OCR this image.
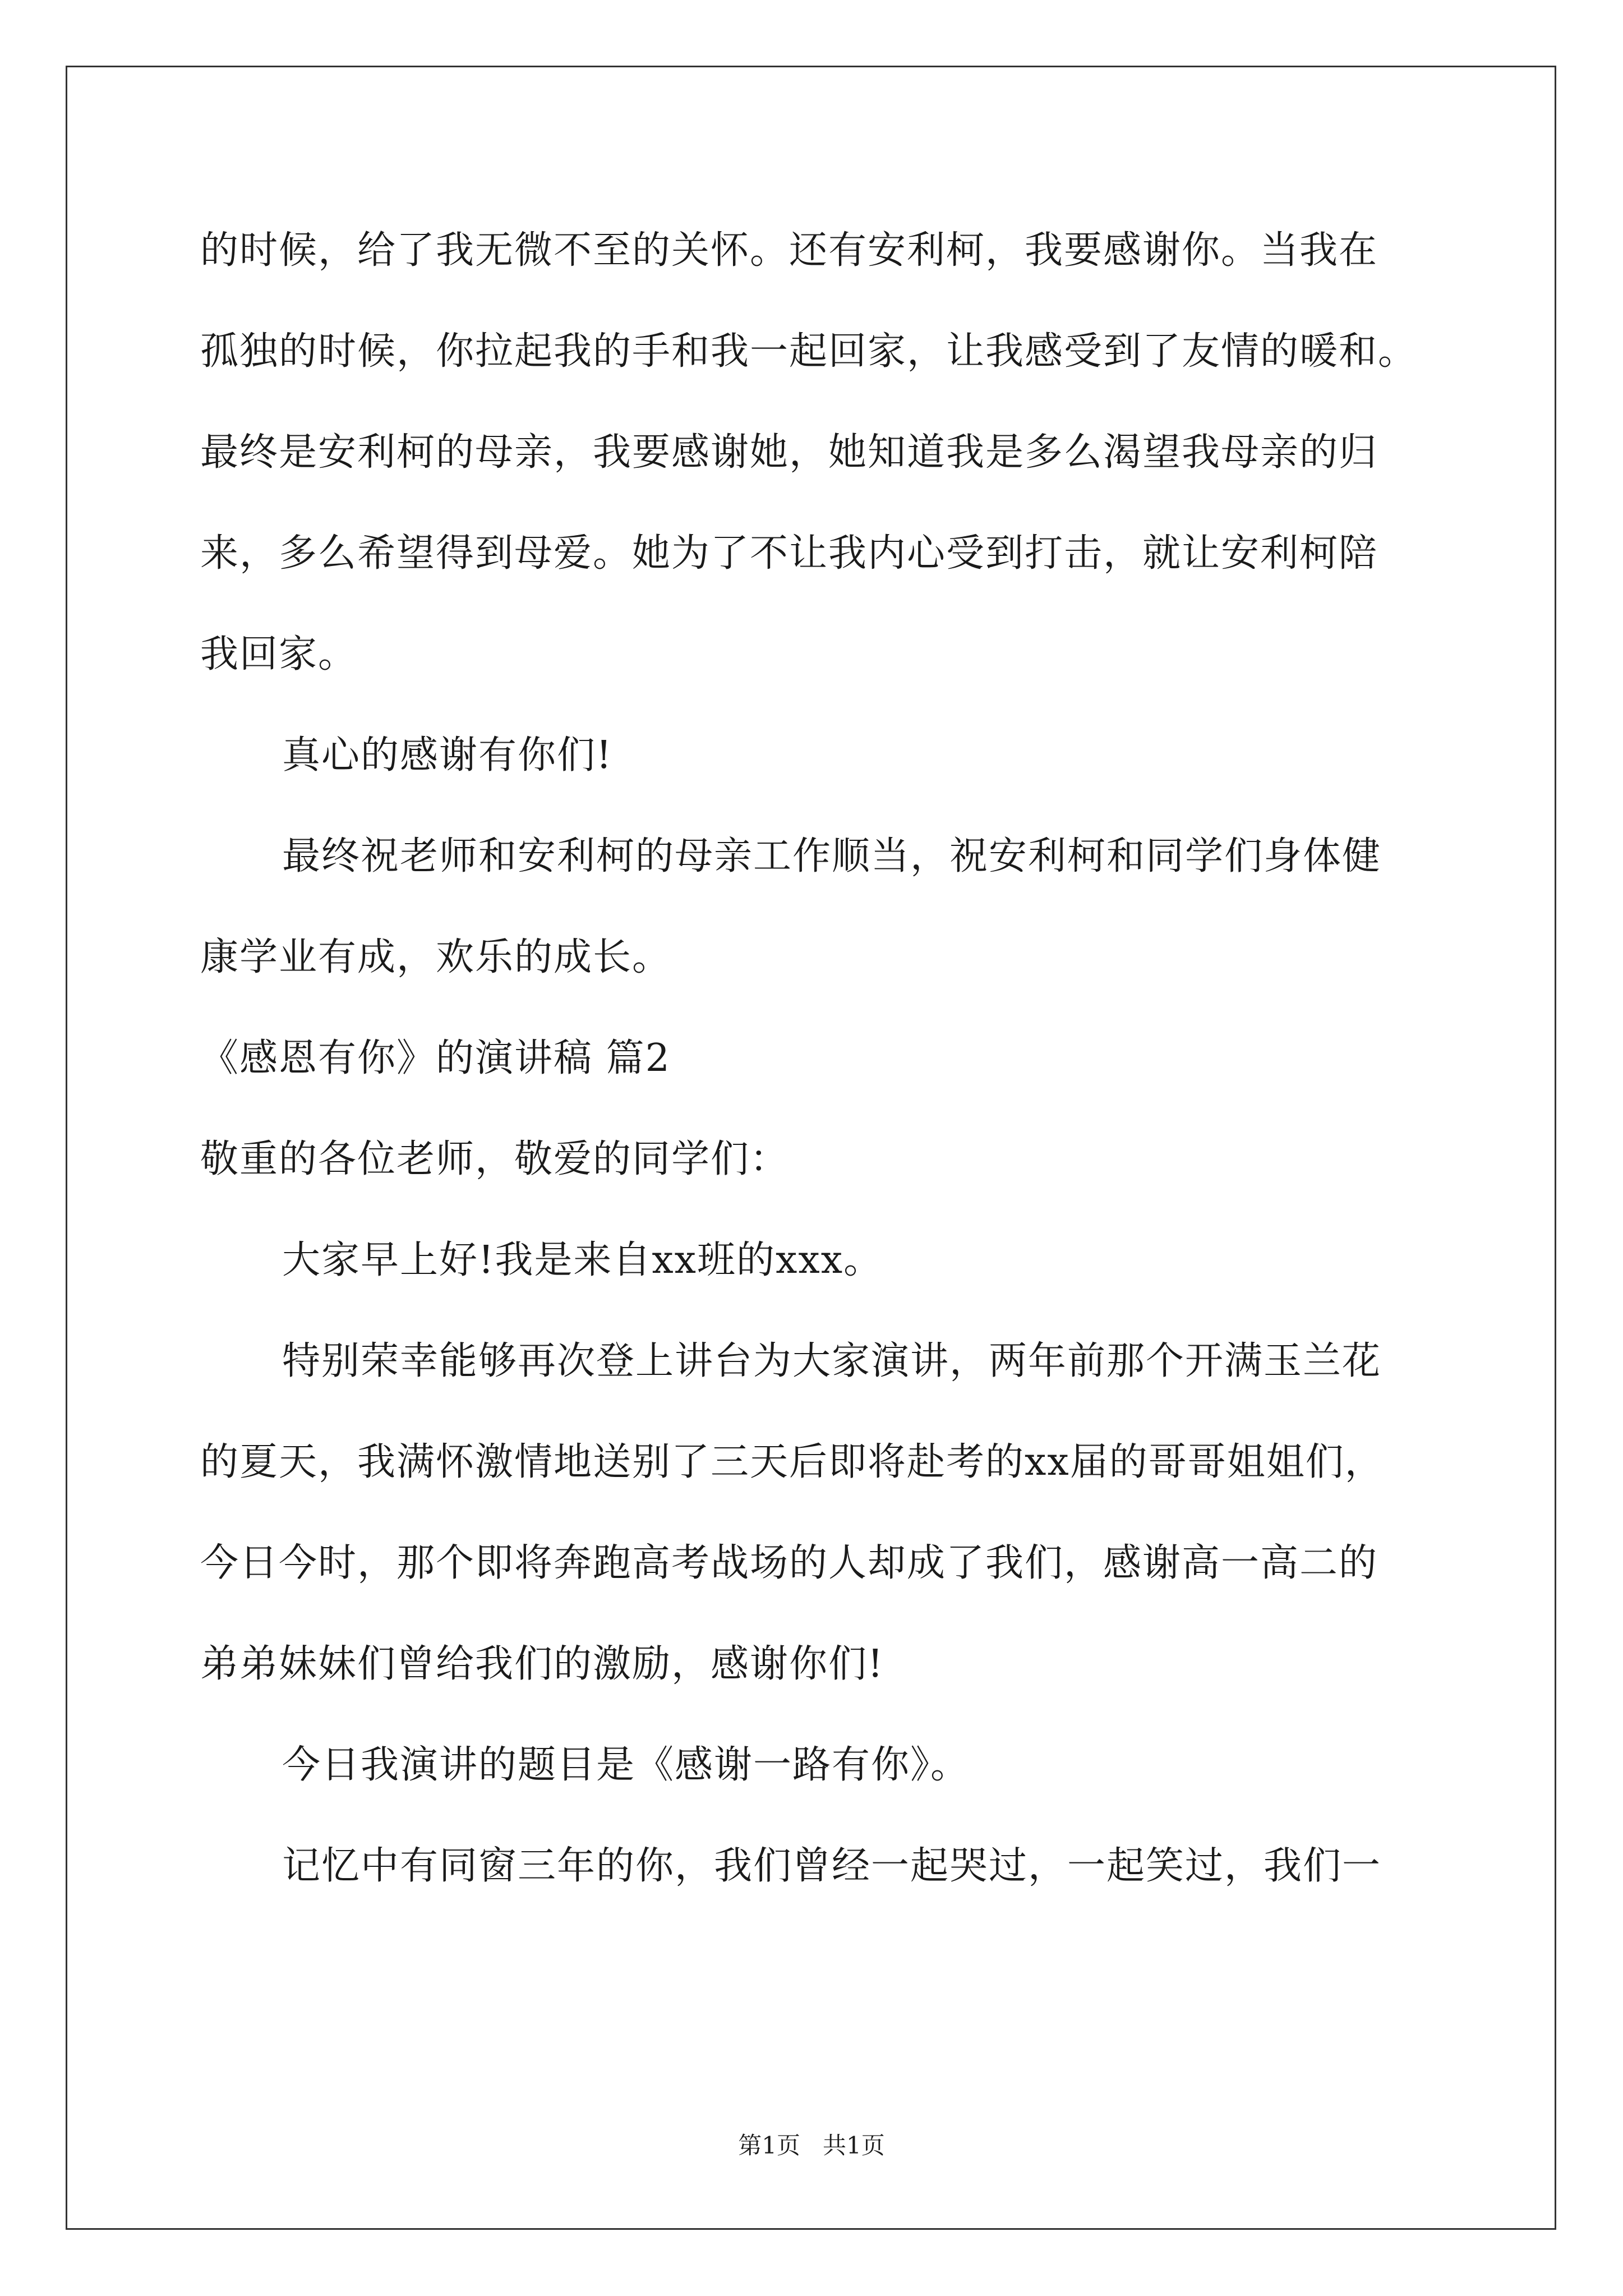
的时候，给了我无微不至的关怀。还有安利柯，我要感谢你。当我在
孤独的时候，你拉起我的手和我一起回家，让我感受到了友情的暖和。
最终是安利柯的母亲，我要感谢她，她知道我是多么渴望我母亲的归
来，多么希望得到母爱。她为了不让我内心受到打击，就让安利柯陪
我回家。
真心的感谢有你们!
最终祝老师和安利柯的母亲工作顺当，祝安利柯和同学们身体健
康学业有成，欢乐的成长。
《感恩有你》的演讲稿 篇2
敬重的各位老师，敬爱的同学们：
大家早上好!我是来自xx班的xxx。
特别荣幸能够再次登上讲台为大家演讲，两年前那个开满玉兰花
的夏天，我满怀激情地送别了三天后即将赴考的xx届的哥哥姐姐们，
今日今时，那个即将奔跑高考战场的人却成了我们，感谢高一高二的
弟弟妹妹们曾给我们的激励，感谢你们!
今日我演讲的题目是《感谢一路有你》。
记忆中有同窗三年的你，我们曾经一起哭过，一起笑过，我们一
第1页   共1页
